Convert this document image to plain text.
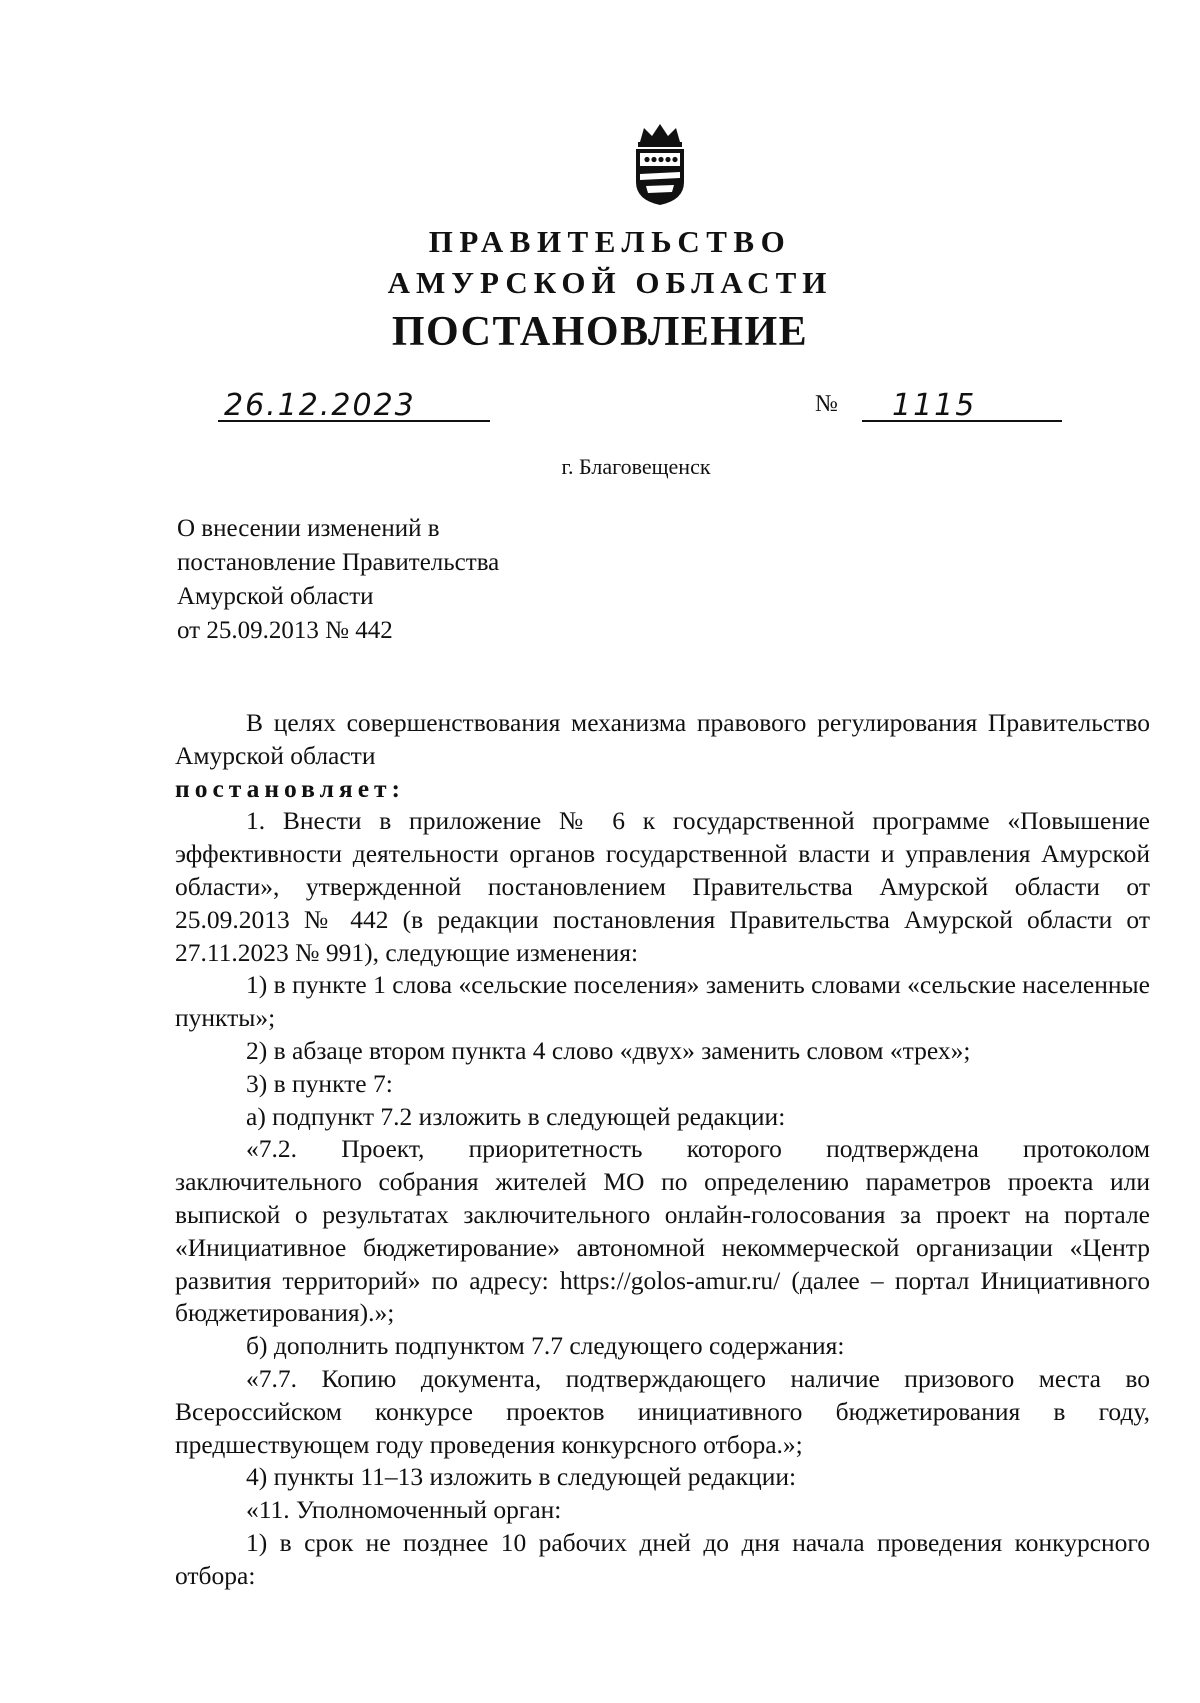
ПРАВИТЕЛЬСТВО
АМУРСКОЙ ОБЛАСТИ
ПОСТАНОВЛЕНИЕ
26.12.2023	№ 1115
г. Благовещенск
О внесении изменений в
постановление Правительства
Амурской области
от 25.09.2013 № 442

В целях совершенствования механизма правового регулирования Правительство Амурской области

постановляет:

1. Внести в приложение № 6 к государственной программе «Повышение эффективности деятельности органов государственной власти и управления Амурской области», утвержденной постановлением Правительства Амурской области от 25.09.2013 № 442 (в редакции постановления Правительства Амурской области от 27.11.2023 № 991), следующие изменения:

1) в пункте 1 слова «сельские поселения» заменить словами «сельские населенные пункты»;

2) в абзаце втором пункта 4 слово «двух» заменить словом «трех»;

3) в пункте 7:

а) подпункт 7.2 изложить в следующей редакции:

«7.2. Проект, приоритетность которого подтверждена протоколом заключительного собрания жителей МО по определению параметров проекта или выпиской о результатах заключительного онлайн-голосования за проект на портале «Инициативное бюджетирование» автономной некоммерческой организации «Центр развития территорий» по адресу: https://golos-amur.ru/ (далее – портал Инициативного бюджетирования).»;

б) дополнить подпунктом 7.7 следующего содержания:

«7.7. Копию документа, подтверждающего наличие призового места во Всероссийском конкурсе проектов инициативного бюджетирования в году, предшествующем году проведения конкурсного отбора.»;

4) пункты 11–13 изложить в следующей редакции:

«11. Уполномоченный орган:

1) в срок не позднее 10 рабочих дней до дня начала проведения конкурсного отбора:
